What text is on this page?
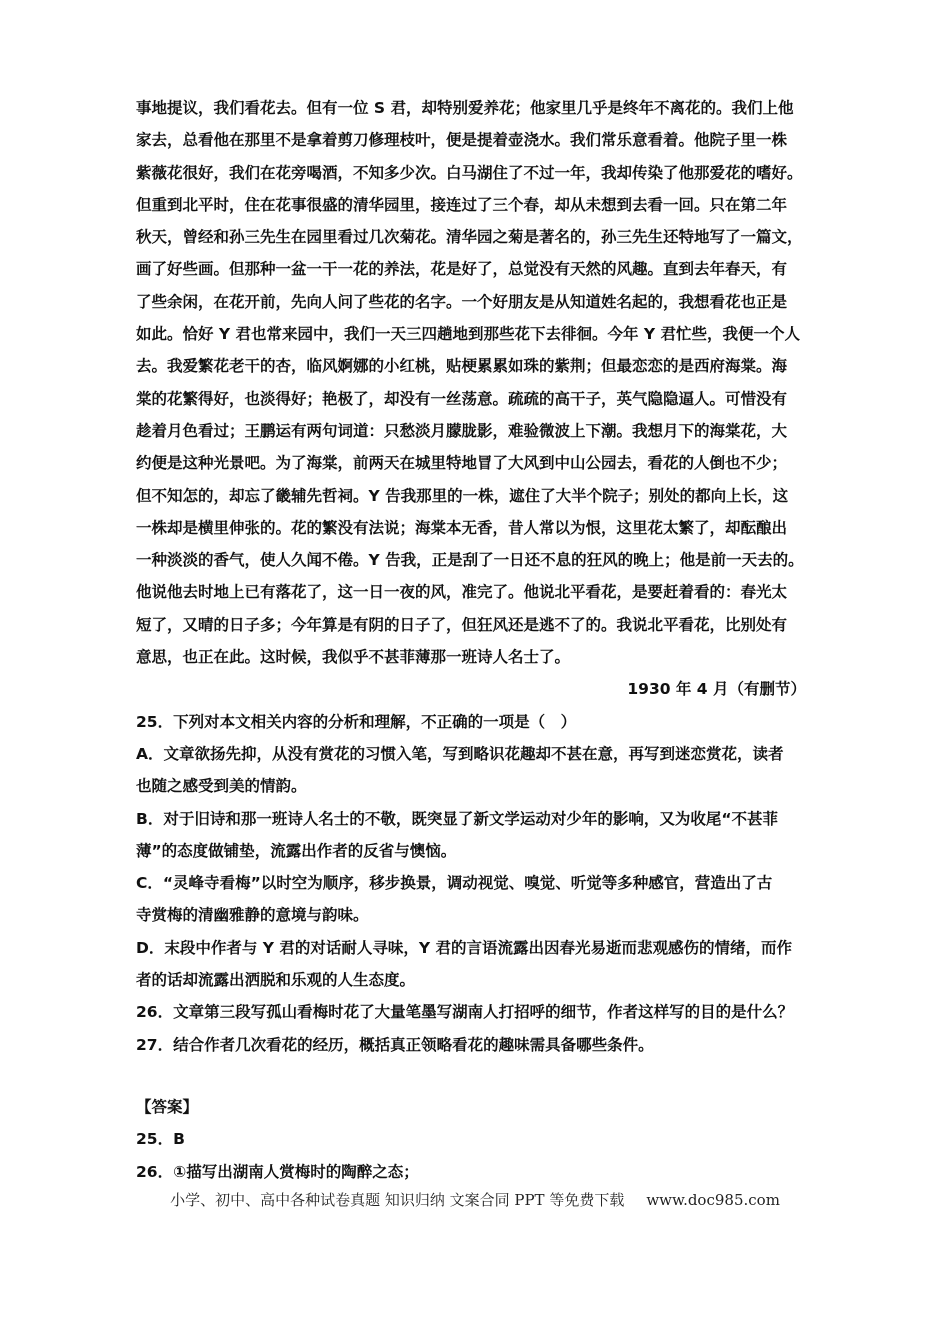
事地提议，我们看花去。但有一位 S 君，却特别爱养花；他家里几乎是终年不离花的。我们上他
家去，总看他在那里不是拿着剪刀修理枝叶，便是提着壶浇水。我们常乐意看着。他院子里一株
紫薇花很好，我们在花旁喝酒，不知多少次。白马湖住了不过一年，我却传染了他那爱花的嗜好。
但重到北平时，住在花事很盛的清华园里，接连过了三个春，却从未想到去看一回。只在第二年
秋天，曾经和孙三先生在园里看过几次菊花。清华园之菊是著名的，孙三先生还特地写了一篇文，
画了好些画。但那种一盆一干一花的养法，花是好了，总觉没有天然的风趣。直到去年春天，有
了些余闲，在花开前，先向人问了些花的名字。一个好朋友是从知道姓名起的，我想看花也正是
如此。恰好 Y 君也常来园中，我们一天三四趟地到那些花下去徘徊。今年 Y 君忙些，我便一个人
去。我爱繁花老干的杏，临风婀娜的小红桃，贴梗累累如珠的紫荆；但最恋恋的是西府海棠。海
棠的花繁得好，也淡得好；艳极了，却没有一丝荡意。疏疏的高干子，英气隐隐逼人。可惜没有
趁着月色看过；王鹏运有两句词道：只愁淡月朦胧影，难验微波上下潮。我想月下的海棠花，大
约便是这种光景吧。为了海棠，前两天在城里特地冒了大风到中山公园去，看花的人倒也不少；
但不知怎的，却忘了畿辅先哲祠。Y 告我那里的一株，遮住了大半个院子；别处的都向上长，这
一株却是横里伸张的。花的繁没有法说；海棠本无香，昔人常以为恨，这里花太繁了，却酝酿出
一种淡淡的香气，使人久闻不倦。Y 告我，正是刮了一日还不息的狂风的晚上；他是前一天去的。
他说他去时地上已有落花了，这一日一夜的风，准完了。他说北平看花，是要赶着看的：春光太
短了，又晴的日子多；今年算是有阴的日子了，但狂风还是逃不了的。我说北平看花，比别处有
意思，也正在此。这时候，我似乎不甚菲薄那一班诗人名士了。
1930 年 4 月（有删节）
25．下列对本文相关内容的分析和理解，不正确的一项是（　）
A．文章欲扬先抑，从没有赏花的习惯入笔，写到略识花趣却不甚在意，再写到迷恋赏花，读者
也随之感受到美的情韵。
B．对于旧诗和那一班诗人名士的不敬，既突显了新文学运动对少年的影响，又为收尾“不甚菲
薄”的态度做铺垫，流露出作者的反省与懊恼。
C．“灵峰寺看梅”以时空为顺序，移步换景，调动视觉、嗅觉、听觉等多种感官，营造出了古
寺赏梅的清幽雅静的意境与韵味。
D．末段中作者与 Y 君的对话耐人寻味，Y 君的言语流露出因春光易逝而悲观感伤的情绪，而作
者的话却流露出洒脱和乐观的人生态度。
26．文章第三段写孤山看梅时花了大量笔墨写湖南人打招呼的细节，作者这样写的目的是什么？
27．结合作者几次看花的经历，概括真正领略看花的趣味需具备哪些条件。
【答案】
25．B
26．①描写出湖南人赏梅时的陶醉之态；
小学、初中、高中各种试卷真题 知识归纳 文案合同 PPT 等免费下载 www.doc985.com
